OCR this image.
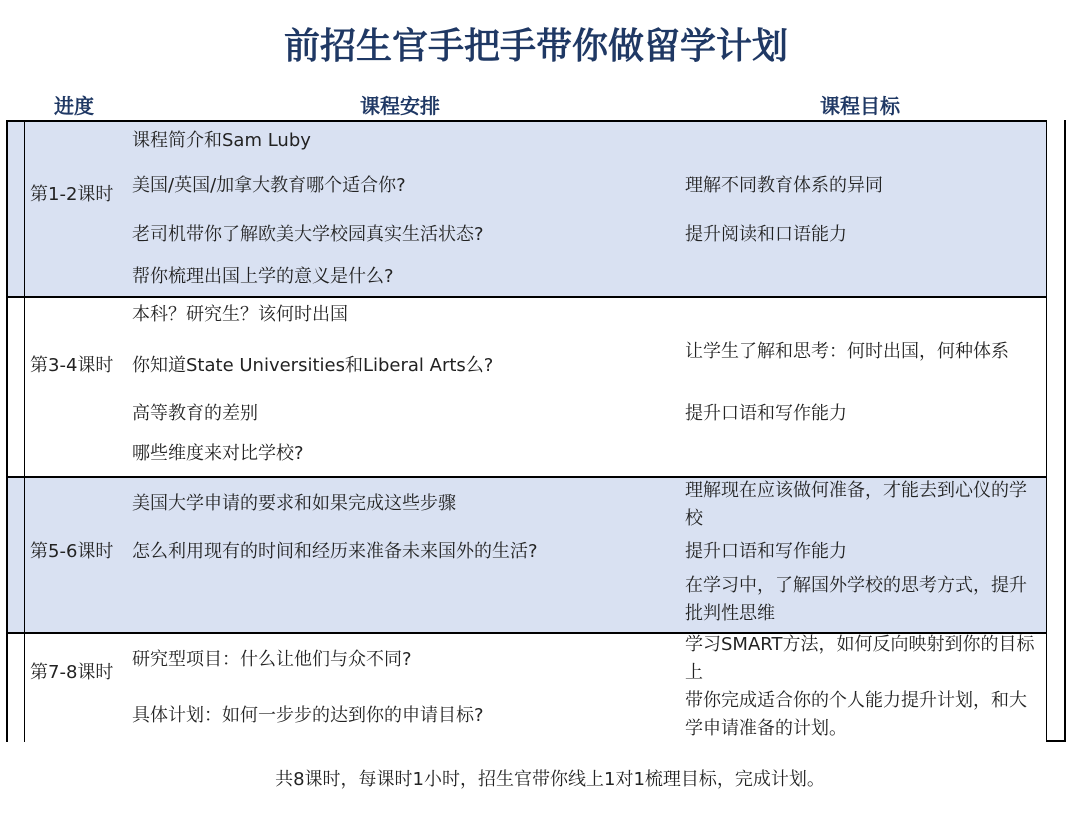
前招生官手把手带你做留学计划
进度	课程安排	课程目标
第1-2课时
课程简介和Sam Luby
美国/英国/加拿大教育哪个适合你?
老司机带你了解欧美大学校园真实生活状态?
帮你梳理出国上学的意义是什么?
理解不同教育体系的异同
提升阅读和口语能力
第3-4课时
本科？研究生？该何时出国
你知道State Universities和Liberal Arts么?
高等教育的差别
哪些维度来对比学校?
让学生了解和思考：何时出国，何种体系
提升口语和写作能力
第5-6课时
美国大学申请的要求和如果完成这些步骤
怎么利用现有的时间和经历来准备未来国外的生活?
理解现在应该做何准备，才能去到心仪的学校
提升口语和写作能力
在学习中，了解国外学校的思考方式，提升批判性思维
第7-8课时
研究型项目：什么让他们与众不同?
具体计划：如何一步步的达到你的申请目标?
学习SMART方法，如何反向映射到你的目标上
带你完成适合你的个人能力提升计划，和大学申请准备的计划。
共8课时，每课时1小时，招生官带你线上1对1梳理目标，完成计划。
